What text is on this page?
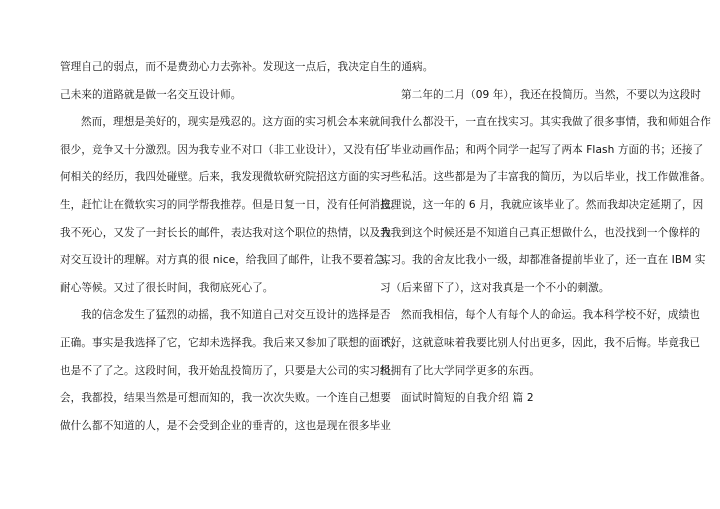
管理自己的弱点，而不是费劲心力去弥补。发现这一点后，我决定自
己未来的道路就是做一名交互设计师。
然而，理想是美好的，现实是残忍的。这方面的实习机会本来就
很少，竞争又十分激烈。因为我专业不对口（非工业设计），又没有任
何相关的经历，我四处碰壁。后来，我发现微软研究院招这方面的实习
生，赶忙让在微软实习的同学帮我推荐。但是日复一日，没有任何消息。
我不死心，又发了一封长长的邮件，表达我对这个职位的热情，以及我
对交互设计的理解。对方真的很 nice，给我回了邮件，让我不要着急，
耐心等候。又过了很长时间，我彻底死心了。
我的信念发生了猛烈的动摇，我不知道自己对交互设计的选择是否
正确。事实是我选择了它，它却未选择我。我后来又参加了联想的面试，
也是不了了之。这段时间，我开始乱投简历了，只要是大公司的实习机
会，我都投，结果当然是可想而知的，我一次次失败。一个连自己想要
做什么都不知道的人，是不会受到企业的垂青的，这也是现在很多毕业
生的通病。
第二年的二月（09 年），我还在投简历。当然，不要以为这段时
间我什么都没干，一直在找实习。其实我做了很多事情，我和师姐合作
了毕业动画作品；和两个同学一起写了两本 Flash 方面的书；还接了
一些私活。这些都是为了丰富我的简历，为以后毕业，找工作做准备。
按理说，这一年的 6 月，我就应该毕业了。然而我却决定延期了，因
为我到这个时候还是不知道自己真正想做什么，也没找到一个像样的
实习。我的舍友比我小一级，却都准备提前毕业了，还一直在 IBM 实
习（后来留下了），这对我真是一个不小的刺激。
然而我相信，每个人有每个人的命运。我本科学校不好，成绩也
不好，这就意味着我要比别人付出更多，因此，我不后悔。毕竟我已
经拥有了比大学同学更多的东西。
面试时简短的自我介绍 篇 2
